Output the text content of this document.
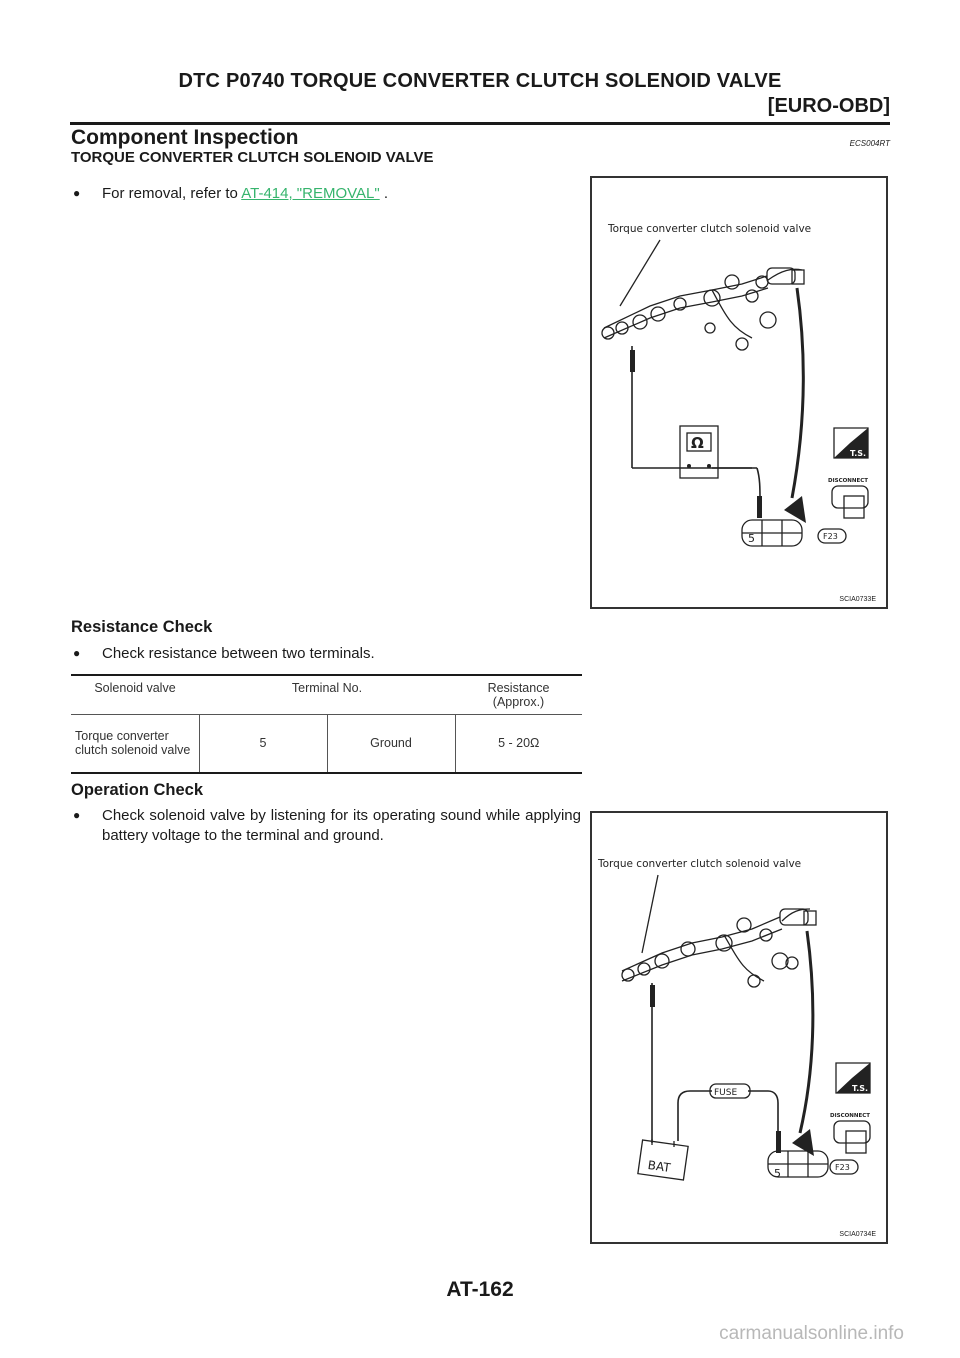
DTC P0740 TORQUE CONVERTER CLUTCH SOLENOID VALVE
[EURO-OBD]
Component Inspection	ECS004RT
TORQUE CONVERTER CLUTCH SOLENOID VALVE
● For removal, refer to AT-414, "REMOVAL" .
Torque converter clutch solenoid valve
Ω
5	F23
T.S.
DISCONNECT
SCIA0733E
Resistance Check
● Check resistance between two terminals.
Solenoid valve	Terminal No.		Resistance
(Approx.)
Torque converter clutch solenoid valve	5	Ground	5 - 20Ω
Operation Check
● Check solenoid valve by listening for its operating sound while applying battery voltage to the terminal and ground.
Torque converter clutch solenoid valve
FUSE
BAT	5	F23
T.S.
DISCONNECT
SCIA0734E
AT-162
carmanualsonline.info
